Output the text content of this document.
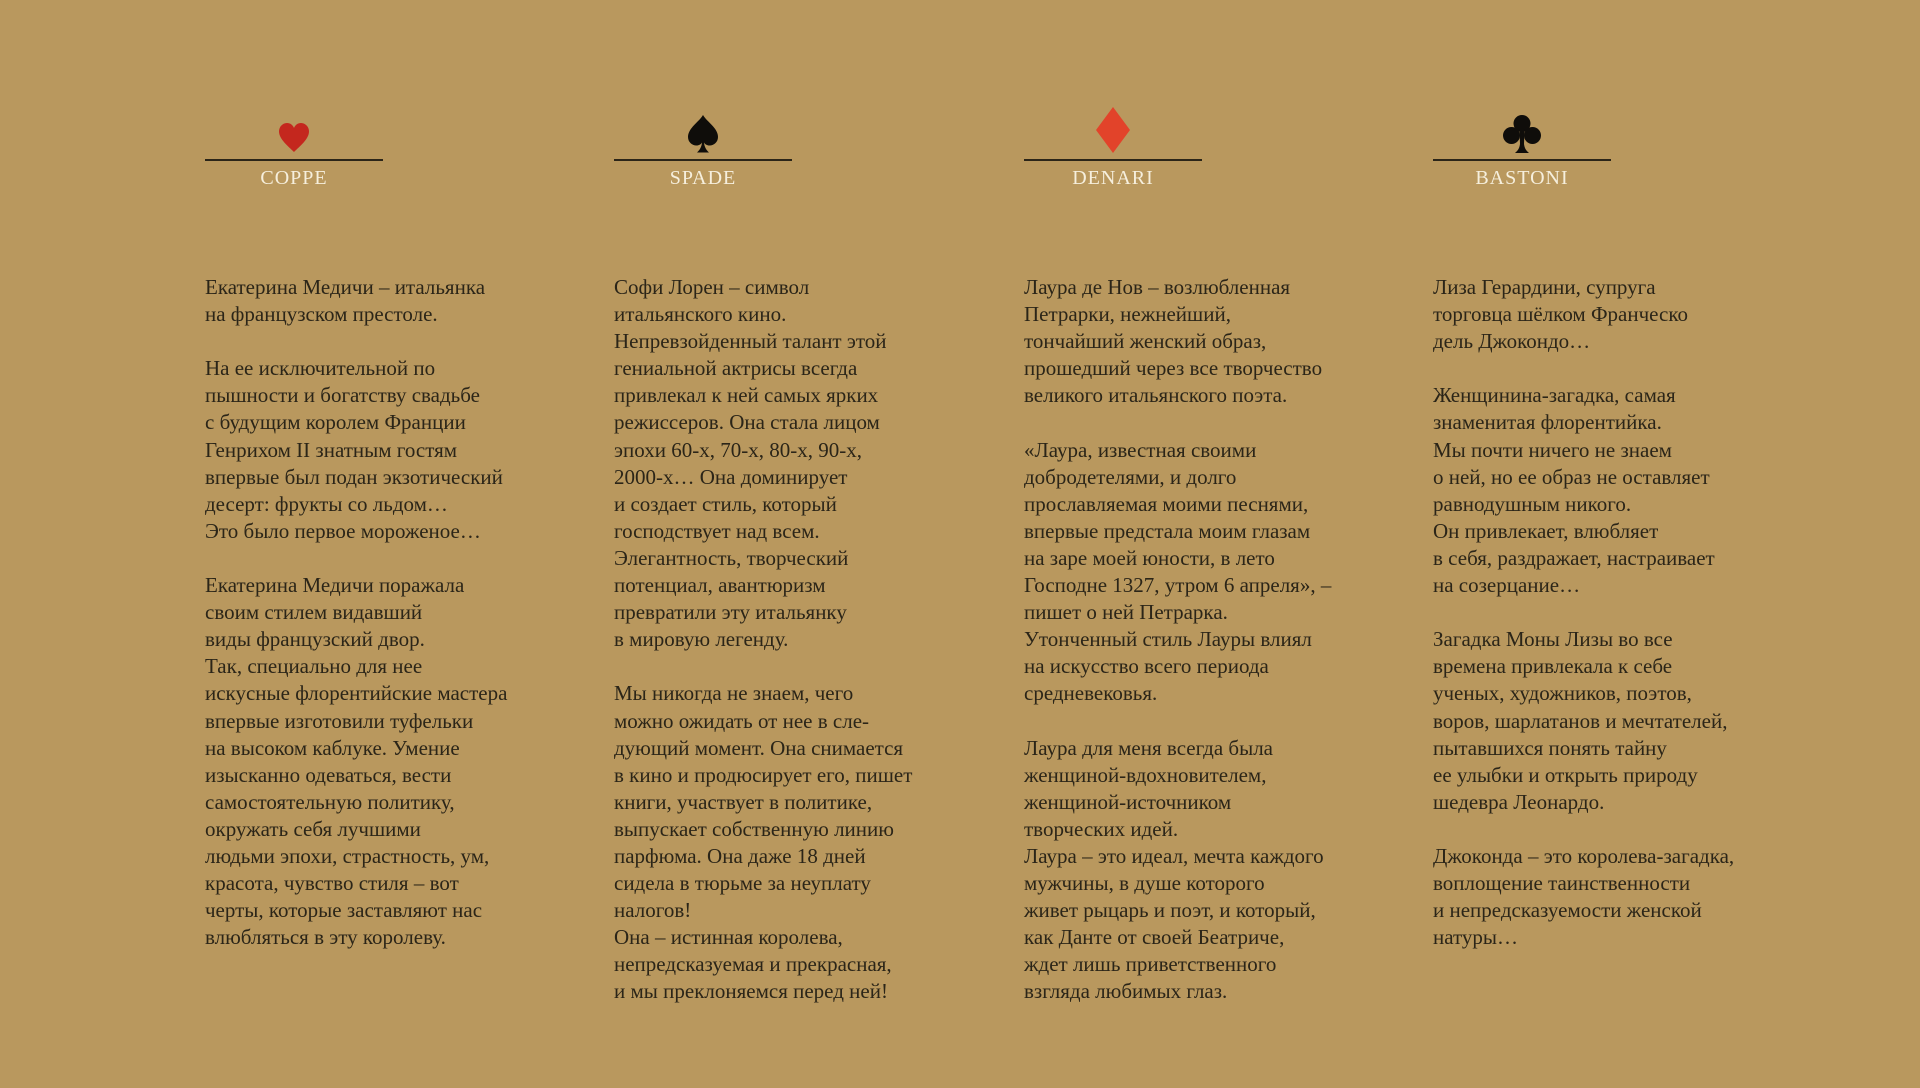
COPPE
Екатерина Медичи – итальянка
на французском престоле.

На ее исключительной по
пышности и богатству свадьбе
с будущим королем Франции
Генрихом II знатным гостям
впервые был подан экзотический
десерт: фрукты со льдом…
Это было первое мороженое…

Екатерина Медичи поражала
своим стилем видавший
виды французский двор.
Так, специально для нее
искусные флорентийские мастера
впервые изготовили туфельки
на высоком каблуке. Умение
изысканно одеваться, вести
самостоятельную политику,
окружать себя лучшими
людьми эпохи, страстность, ум,
красота, чувство стиля – вот
черты, которые заставляют нас
влюбляться в эту королеву.
SPADE
Софи Лорен – символ
итальянского кино.
Непревзойденный талант этой
гениальной актрисы всегда
привлекал к ней самых ярких
режиссеров. Она стала лицом
эпохи 60-х, 70-х, 80-х, 90-х,
2000-х… Она доминирует
и создает стиль, который
господствует над всем.
Элегантность, творческий
потенциал, авантюризм
превратили эту итальянку
в мировую легенду.

Мы никогда не знаем, чего
можно ожидать от нее в сле-
дующий момент. Она снимается
в кино и продюсирует его, пишет
книги, участвует в политике,
выпускает собственную линию
парфюма. Она даже 18 дней
сидела в тюрьме за неуплату
налогов!
Она – истинная королева,
непредсказуемая и прекрасная,
и мы преклоняемся перед ней!
DENARI
Лаура де Нов – возлюбленная
Петрарки, нежнейший,
тончайший женский образ,
прошедший через все творчество
великого итальянского поэта.

«Лаура, известная своими
добродетелями, и долго
прославляемая моими песнями,
впервые предстала моим глазам
на заре моей юности, в лето
Господне 1327, утром 6 апреля», –
пишет о ней Петрарка.
Утонченный стиль Лауры влиял
на искусство всего периода
средневековья.

Лаура для меня всегда была
женщиной-вдохновителем,
женщиной-источником
творческих идей.
Лаура – это идеал, мечта каждого
мужчины, в душе которого
живет рыцарь и поэт, и который,
как Данте от своей Беатриче,
ждет лишь приветственного
взгляда любимых глаз.
BASTONI
Лиза Герардини, супруга
торговца шёлком Франческо
дель Джокондо…

Женщинина-загадка, самая
знаменитая флорентийка.
Мы почти ничего не знаем
о ней, но ее образ не оставляет
равнодушным никого.
Он привлекает, влюбляет
в себя, раздражает, настраивает
на созерцание…

Загадка Моны Лизы во все
времена привлекала к себе
ученых, художников, поэтов,
воров, шарлатанов и мечтателей,
пытавшихся понять тайну
ее улыбки и открыть природу
шедевра Леонардо.

Джоконда – это королева-загадка,
воплощение таинственности
и непредсказуемости женской
натуры…
